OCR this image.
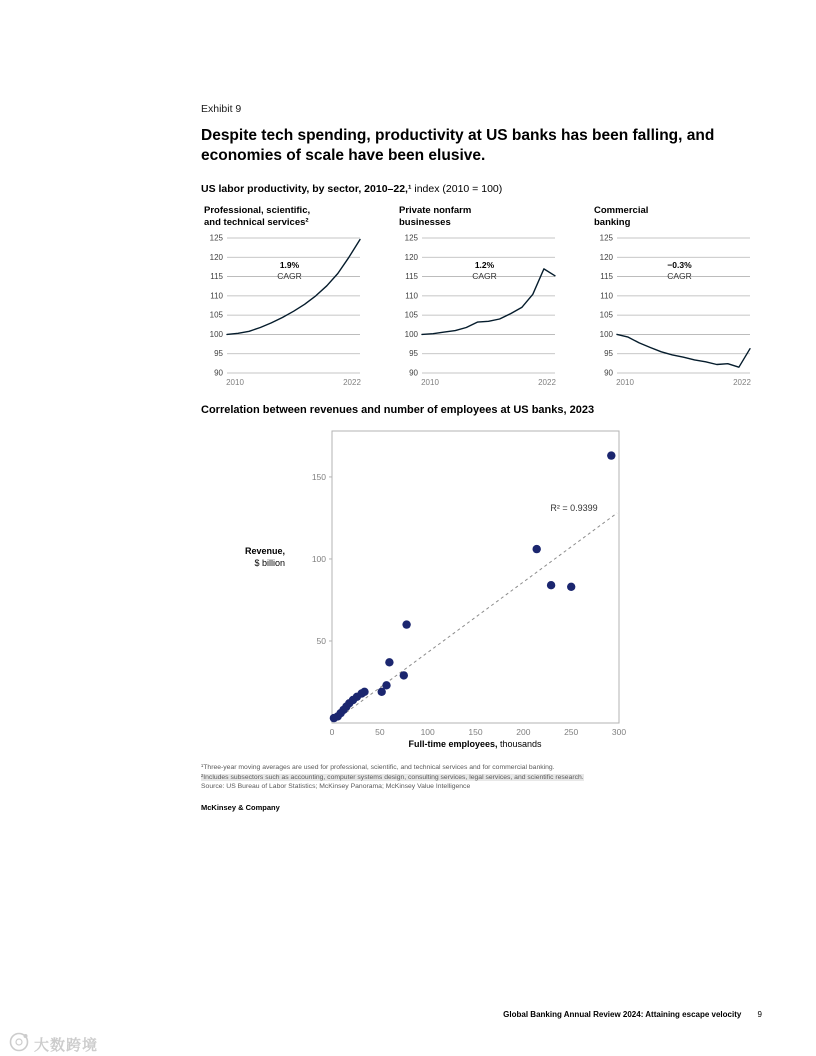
Exhibit 9
Despite tech spending, productivity at US banks has been falling, and economies of scale have been elusive.
US labor productivity, by sector, 2010–22,¹ index (2010 = 100)
Professional, scientific,
and technical services²
90
95
100
105
110
115
120
125
2010	2022
1.9%
CAGR
Private nonfarm
businesses
90
95
100
105
110
115
120
125
2010	2022
1.2%
CAGR
Commercial
banking
90
95
100
105
110
115
120
125
2010	2022
−0.3%
CAGR
Correlation between revenues and number of employees at US banks, 2023
Revenue,
$ billion
50
100
150
0	50	100	150	200	250	300
R² = 0.9399
Full-time employees, thousands
¹Three-year moving averages are used for professional, scientific, and technical services and for commercial banking.
²Includes subsectors such as accounting, computer systems design, consulting services, legal services, and scientific research.
Source: US Bureau of Labor Statistics; McKinsey Panorama; McKinsey Value Intelligence
McKinsey & Company
Global Banking Annual Review 2024: Attaining escape velocity 9
大数跨境
